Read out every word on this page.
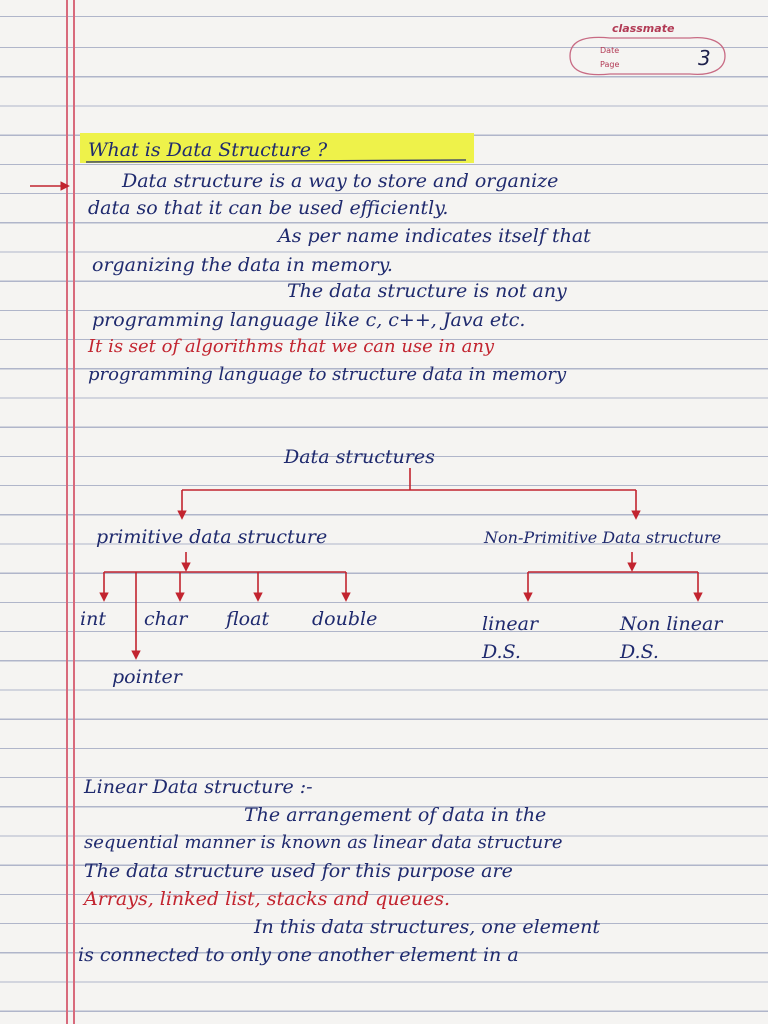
classmate
Date
Page	3
What is Data Structure ?
Data structure is a way to store and organize
data so that it can be used efficiently.
As per name indicates itself that
organizing the data in memory.
The data structure is not any
programming language like c, c++, Java etc.
It is set of algorithms that we can use in any
programming language to structure data in memory
Data structures
primitive data structure	Non-Primitive Data structure
int char float double
pointer
linear D.S.
Non linear D.S.
Linear Data structure :-
The arrangement of data in the
sequential manner is known as linear data structure
The data structure used for this purpose are
Arrays, linked list, stacks and queues.
In this data structures, one element
is connected to only one another element in a
